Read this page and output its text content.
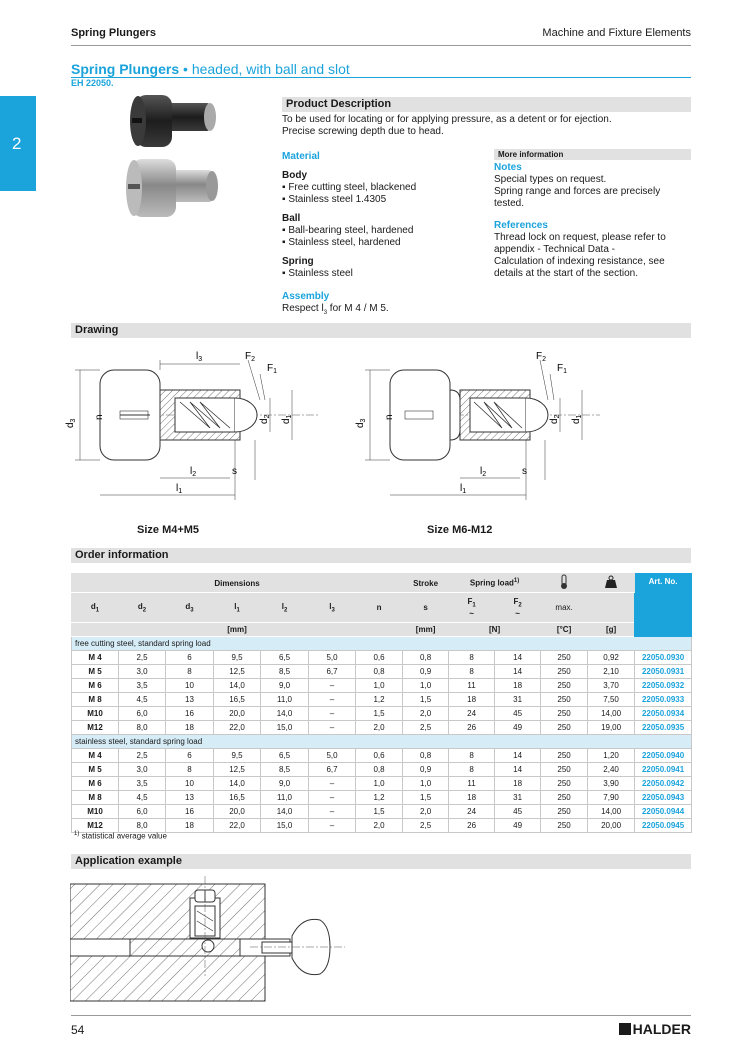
Spring Plungers	Machine and Fixture Elements
Spring Plungers • headed, with ball and slot
EH 22050.
2
Product Description
To be used for locating or for applying pressure, as a detent or for ejection.
Precise screwing depth due to head.
Material
Body
▪ Free cutting steel, blackened
▪ Stainless steel 1.4305
Ball
▪ Ball-bearing steel, hardened
▪ Stainless steel, hardened
Spring
▪ Stainless steel
Assembly
Respect $l_3$ for M 4 / M 5.
More information
Notes
Special types on request.
Spring range and forces are precisely
tested.
References
Thread lock on request, please refer to
appendix - Technical Data -
Calculation of indexing resistance, see
details at the start of the section.
Drawing
$l_3$	$F_2$
$F_1$
$d_3$
n
$d_2$
$d_1$
$l_2$	s
$l_1$
$F_2$
$F_1$
$d_3$
n
$d_2$
$d_1$
$l_2$	s
$l_1$
Size M4+M5	Size M6-M12
Order information
Dimensions							Stroke	Spring load$^{1)}$				Art. No.
$d_1$	$d_2$	$d_3$	$l_1$	$l_2$	$l_3$	n	s	$F_1$
~	$F_2$
~	max.		
[mm]							[mm]	[N]		[°C]	[g]	
free cutting steel, standard spring load												
M 4	2,5	6	9,5	6,5	5,0	0,6	0,8	8	14	250	0,92	22050.0930
M 5	3,0	8	12,5	8,5	6,7	0,8	0,9	8	14	250	2,10	22050.0931
M 6	3,5	10	14,0	9,0	–	1,0	1,0	11	18	250	3,70	22050.0932
M 8	4,5	13	16,5	11,0	–	1,2	1,5	18	31	250	7,50	22050.0933
M10	6,0	16	20,0	14,0	–	1,5	2,0	24	45	250	14,00	22050.0934
M12	8,0	18	22,0	15,0	–	2,0	2,5	26	49	250	19,00	22050.0935
stainless steel, standard spring load												
M 4	2,5	6	9,5	6,5	5,0	0,6	0,8	8	14	250	1,20	22050.0940
M 5	3,0	8	12,5	8,5	6,7	0,8	0,9	8	14	250	2,40	22050.0941
M 6	3,5	10	14,0	9,0	–	1,0	1,0	11	18	250	3,90	22050.0942
M 8	4,5	13	16,5	11,0	–	1,2	1,5	18	31	250	7,90	22050.0943
M10	6,0	16	20,0	14,0	–	1,5	2,0	24	45	250	14,00	22050.0944
M12	8,0	18	22,0	15,0	–	2,0	2,5	26	49	250	20,00	22050.0945
$^{1)}$ statistical average value
Application example
54	HALDER
